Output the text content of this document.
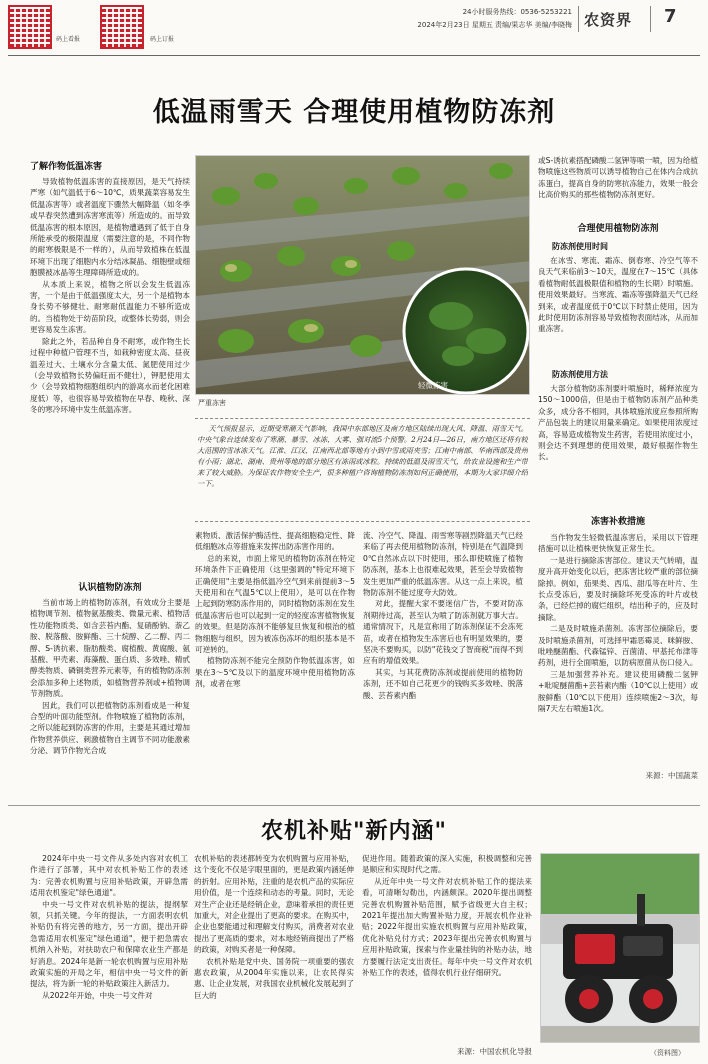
码上看报	码上订报
24小时服务热线：0536-5253221
2024年2月23日 星期五 责编/果志华 美编/李晓梅 农资界 7
低温雨雪天 合理使用植物防冻剂
了解作物低温冻害

导致植物低温冻害的直接原因，是天气持续严寒（如气温低于6～10℃，质果蔬菜容易发生低温冻害等）或者温度下骤然大幅降温（如冬季或早春突然遭到冻害寒流等）所造成的。而导致低温冻害的根本原因，是植物遭遇到了低于自身所能承受的极限温度（需要注意的是，不同作物的耐寒极限是不一样的），从而导致植株在低温环境下出现了细胞内水分结冰凝晶、细胞壁或细胞膜被冰晶等生理障碍所造成的。

从本质上来说，植物之所以会发生低温冻害，一个是由于低温强度太大，另一个是植物本身长势不够健壮、耐寒耐低温能力不够所造成的。当植物处于幼苗阶段，或整体长势弱，则会更容易发生冻害。

除此之外，若品种自身不耐寒，或作物生长过程中种植户管理不当，如栽种密度太高、昼夜温差过大、土壤水分含量太低、氮肥使用过少（会导致植物长势偏旺而不健壮），钾肥使用太少（会导致植物细胞组织内的游离水而老化困难度低）等，也很容易导致植物在早春、晚秋、深冬的寒冷环境中发生低温冻害。

认识植物防冻剂

当前市场上的植物防冻剂，有效成分主要是植物调节剂、植物氨基酸类、微量元素、植物活性功能物质类、如含芸苔内酯、复硝酚钠、萘乙胺、脱落酸、胺鲜酯、三十烷醇、乙二醇、丙二醇、S-诱抗素、脂肪酸类、腐植酸、黄腐酸、氨基酸、甲壳素、海藻酸、蛋白质、多效唑、精甙醇类物质、磷铜类营养元素等，有的植物防冻剂会添加多种上述物质，如植物营养剂或+植物调节剂物质。

因此，我们可以把植物防冻剂看成是一种复合型的叶面功能型剂。作物喷施了植物防冻剂，之所以能起到防冻害的作用，主要是其通过增加作物营养供应、刺激植物自主调节不同功能激素分泌、调节作物光合成

严重冻害
轻微冻害
天气预报显示，近期受寒潮天气影响，我国中东部地区及南方地区陆续出现大风、降温、雨雪天气。中央气象台连续发布了寒潮、暴雪、冰冻、大雾、强对流5个预警。2月24日—26日，南方地区还将有较大范围的雪冰冻天气。江淮、江汉、江南西北部等地有小到中雪或雨夹雪；江南中南部、华南西部及贵州有小雨；湖北、湖南、贵州等地的部分地区有冻雨或冰粒。持续的低温及雨雪天气，给农业设施和生产带来了较大威胁。为保证农作物安全生产，很多种植户咨询植物防冻剂如何正确使用，本期为大家详细介绍一下。

素物质、激活保护酶活性、提高细胞稳定性、降低细胞冰点等措施来发挥出防冻害作用的。

总的来说，市面上常见的植物防冻剂在特定环境条件下正确使用（这里强调的"特定环境下正确使用"主要是指低温冷空气到来前提前3～5天使用和在气温5℃以上使用），是可以在作物上起到防寒防冻作用的，同时植物防冻剂在发生低温冻害后也可以起到一定的轻度冻害植物恢复的效果。但是防冻剂不能够复旦恢复和根治的植物细胞与组织，因为被冻伤冻坏的组织基本是不可逆转的。

植物防冻剂不能完全预防作物低温冻害，如果在3～5℃及以下的温度环境中使用植物防冻剂，或者在寒

流、冷空气、降温、雨雪寒等剧烈降温天气已经来临了再去使用植物防冻剂，特别是在气温降到0℃自然冰点以下时使用，那么即使喷施了植物防冻剂，基本上也很难起效果，甚至会导致植物发生更加严重的低温冻害。从这一点上来说，植物防冻剂不能过度夸大防效。

对此，提醒大家不要迷信广告，不要对防冻剂期待过高，甚至认为喷了防冻剂就万事大吉。通常情况下，凡是宣称用了防冻剂保证不会冻死苗，或者在植物发生冻害后也有明显效果的，要坚决不要购买，以防"花钱交了智商税"而得不到应有的增值效果。

其实，与其花费防冻剂或提前使用的植物防冻剂，还不如自己花更少的钱购买多效唑、脱落酸、芸苔素内酯

或S-诱抗素搭配磷酸二氢钾等喷一喷，因为给植物喷施这些物质可以诱导植物自己在体内合成抗冻蛋白，提高自身的防寒抗冻能力，效果一般会比高价购买的那些植物防冻剂更好。

合理使用植物防冻剂
防冻剂使用时间

在冰雪、寒流、霜冻、倒春寒、冷空气等不良天气来临前3～10天，温度在7～15℃（具体看植物耐低温极限值和植物的生长期）时喷施。使用效果最好。当寒流、霜冻等强降温天气已经到来，或者温度低于0℃以下时禁止使用，因为此时使用防冻剂容易导致植物表面结冰，从而加重冻害。

防冻剂使用方法

大部分植物防冻剂要叶喷施时，稀释浓度为150～1000倍，但是由于植物防冻剂产品种类众多，成分各不相同，具体喷施浓度应参照所购产品包装上的建议用量来确定。如果使用浓度过高，容易造成植物发生药害，若使用浓度过小，则会达不到理想的使用效果，最好根据作物生长。

冻害补救措施

当作物发生轻微低温冻害后，采用以下管理措施可以让植株更快恢复正常生长。

一是进行摘除冻害部位。建议天气转晴，温度升高开始变化以后，把冻害比较严重的部位摘除掉。例如，茄果类、西瓜、甜瓜等在叶片、生长点受冻后，要及时摘除坏死受冻的叶片或枝条，已经烂掉的腐烂组织，结出种子的，应及时摘除。

二是及时喷施杀菌剂。冻害部位摘除后，要及时喷施杀菌剂，可选择甲霜恶霉灵、咪鲜胺、吡唑醚菌酯、代森锰锌、百菌清、甲基托布津等药剂，进行全面喷施，以防病原菌从伤口侵入。

三是加强营养补充。建议使用磷酸二氢钾+吡啶醚菌酯+芸苔素内酯（10℃以上使用）或胺鲜酯（10℃以下使用）连续喷施2～3次，每隔7天左右喷施1次。

来源：中国蔬菜
农机补贴"新内涵"

2024年中央一号文件从多处内容对农机工作进行了部署，其中对农机补贴工作的表述为：完善农机购置与应用补贴政策，开辟急需适用农机鉴定"绿色通道"。

中央一号文件对农机补贴的提法，提纲挈领，只抓关键。今年的提法，一方面表明农机补贴仍有将完善的地方，另一方面，提出开辟急需适用农机鉴定"绿色通道"，便于把急需农机纳入补贴，对扶助农户和保障农业生产都是好消息。2024年是新一轮农机购置与应用补贴政策实施的开局之年，相信中央一号文件的新提法，将为新一轮的补贴政策注入新活力。

从2022年开始，中央一号文件对

农机补贴的表述都转变为农机购置与应用补贴，这个变化不仅是字眼里面的，更是政策内涵延伸的折射。应用补贴，注重的是农机产品的实际应用价值，是一个连续和动态的考量。同时，无论对生产企业还是经销企业，意味着承担的责任更加重大，对企业提出了更高的要求。在购买中，企业也要能通过和理解支付购买，消费者对农业提出了更高质的要求，对本地经销商提出了严格的政策，对购买者是一种保障。

农机补贴是党中央、国务院一项重要的强农惠农政策，从2004年实施以来，让农民得实惠、让企业发展，对我国农业机械化发展起到了巨大的

促进作用。随着政策的深入实施，积极调整和完善是顺应和实现时代之需。

从近年中央一号文件对农机补贴工作的提法来看，可清晰勾勒出，内涵颇深。2020年提出调整完善农机购置补贴范围，赋予省级更大自主权；2021年提出加大购置补贴力度，开展农机作业补贴；2022年提出实施农机购置与应用补贴政策，优化补贴兑付方式；2023年提出完善农机购置与应用补贴政策，探索与作业量挂钩的补贴办法，地方要履行法定支出责任。每年中央一号文件对农机补贴工作的表述，值得农机行业仔细研究。

来源：中国农机化导报	（资料图）
